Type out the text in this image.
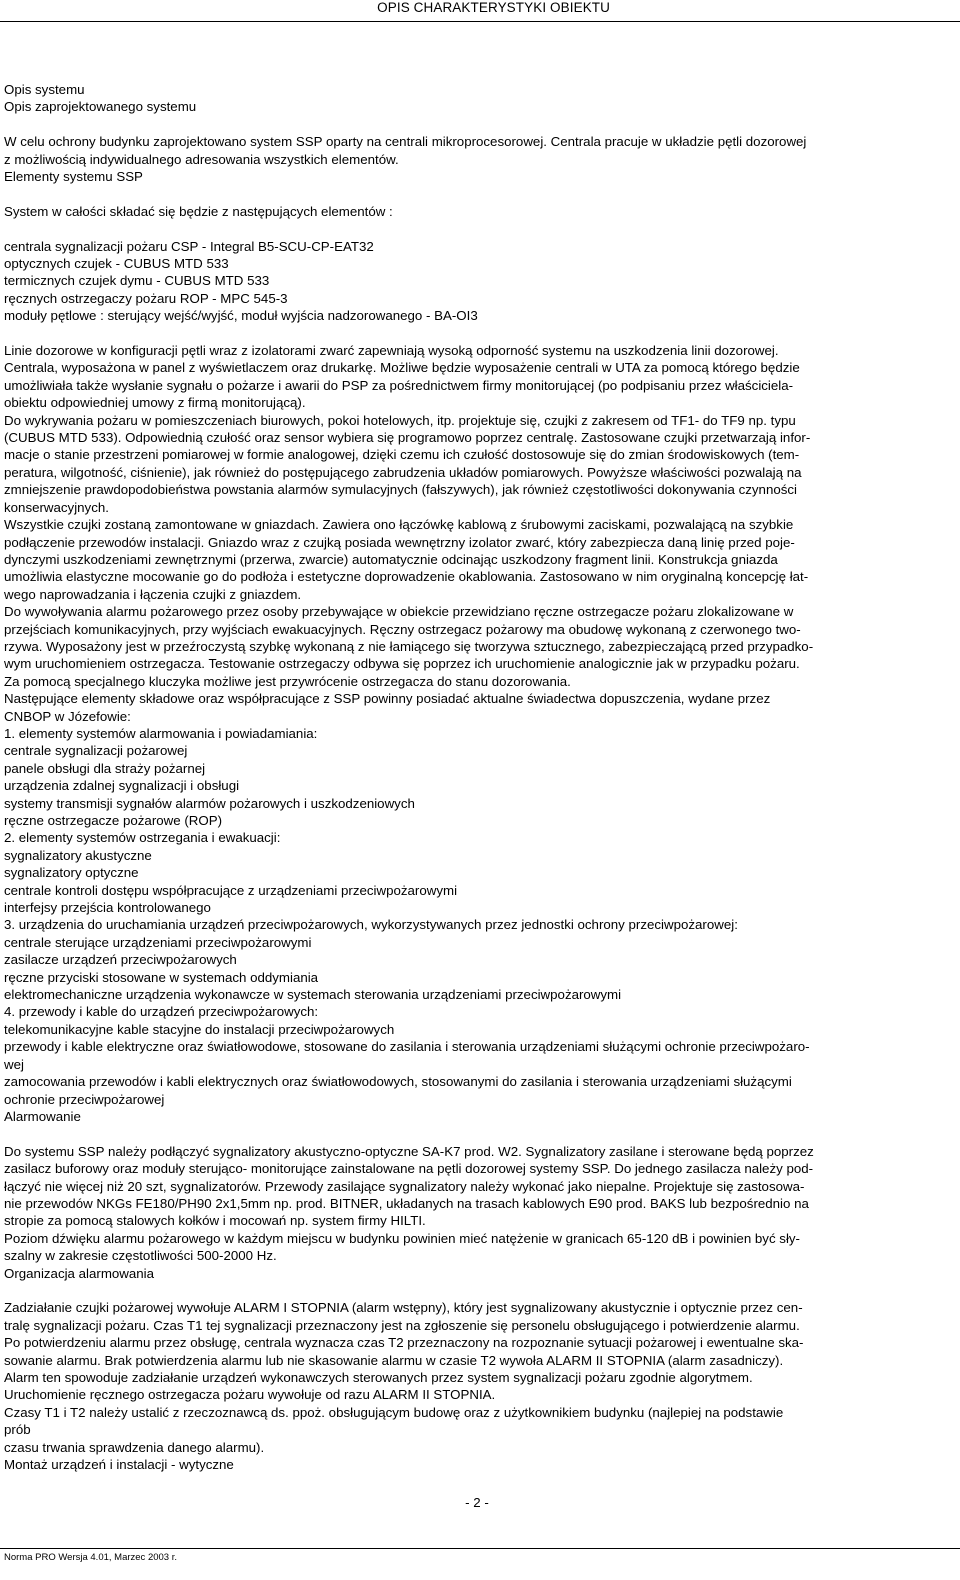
OPIS CHARAKTERYSTYKI OBIEKTU
Opis systemu
Opis zaprojektowanego systemu
W celu ochrony budynku zaprojektowano system SSP oparty na centrali mikroprocesorowej. Centrala pracuje w układzie pętli dozorowej
z możliwością indywidualnego adresowania wszystkich elementów.
Elementy systemu SSP
System w całości składać się będzie z następujących elementów :
centrala sygnalizacji pożaru CSP - Integral B5-SCU-CP-EAT32
optycznych czujek - CUBUS MTD 533
termicznych czujek dymu - CUBUS MTD 533
ręcznych ostrzegaczy pożaru ROP - MPC 545-3
moduły pętlowe : sterujący wejść/wyjść, moduł wyjścia nadzorowanego - BA-OI3
Linie dozorowe w konfiguracji pętli wraz z izolatorami zwarć zapewniają wysoką odporność systemu na uszkodzenia linii dozorowej.
Centrala, wyposażona w panel z wyświetlaczem oraz drukarkę. Możliwe będzie wyposażenie centrali w UTA za pomocą którego będzie
umożliwiała także wysłanie sygnału o pożarze i awarii do PSP za pośrednictwem firmy monitorującej (po podpisaniu przez właściciela-
obiektu odpowiedniej umowy z firmą monitorującą).
Do wykrywania pożaru w pomieszczeniach biurowych, pokoi hotelowych, itp. projektuje się, czujki z zakresem od TF1- do TF9 np. typu
(CUBUS MTD 533). Odpowiednią czułość oraz sensor wybiera się programowo poprzez centralę. Zastosowane czujki przetwarzają infor-
macje o stanie przestrzeni pomiarowej w formie analogowej, dzięki czemu ich czułość dostosowuje się do zmian środowiskowych (tem-
peratura, wilgotność, ciśnienie), jak również do postępującego zabrudzenia układów pomiarowych. Powyższe właściwości pozwalają na
zmniejszenie prawdopodobieństwa powstania alarmów symulacyjnych (fałszywych), jak również częstotliwości dokonywania czynności
konserwacyjnych.
Wszystkie czujki zostaną zamontowane w gniazdach. Zawiera ono łączówkę kablową z śrubowymi zaciskami, pozwalającą na szybkie
podłączenie przewodów instalacji. Gniazdo wraz z czujką posiada wewnętrzny izolator zwarć, który zabezpiecza daną linię przed poje-
dynczymi uszkodzeniami zewnętrznymi (przerwa, zwarcie) automatycznie odcinając uszkodzony fragment linii. Konstrukcja gniazda
umożliwia elastyczne mocowanie go do podłoża i estetyczne doprowadzenie okablowania. Zastosowano w nim oryginalną koncepcję łat-
wego naprowadzania i łączenia czujki z gniazdem.
Do wywoływania alarmu pożarowego przez osoby przebywające w obiekcie przewidziano ręczne ostrzegacze pożaru zlokalizowane w
przejściach komunikacyjnych, przy wyjściach ewakuacyjnych. Ręczny ostrzegacz pożarowy ma obudowę wykonaną z czerwonego two-
rzywa. Wyposażony jest w przeźroczystą szybkę wykonaną z nie łamiącego się tworzywa sztucznego, zabezpieczającą przed przypadko-
wym uruchomieniem ostrzegacza. Testowanie ostrzegaczy odbywa się poprzez ich uruchomienie analogicznie jak w przypadku pożaru.
Za pomocą specjalnego kluczyka możliwe jest przywrócenie ostrzegacza do stanu dozorowania.
Następujące elementy składowe oraz współpracujące z SSP powinny posiadać aktualne świadectwa dopuszczenia, wydane przez
CNBOP w Józefowie:
1. elementy systemów alarmowania i powiadamiania:
centrale sygnalizacji pożarowej
panele obsługi dla straży pożarnej
urządzenia zdalnej sygnalizacji i obsługi
systemy transmisji sygnałów alarmów pożarowych i uszkodzeniowych
ręczne ostrzegacze pożarowe (ROP)
2. elementy systemów ostrzegania i ewakuacji:
sygnalizatory akustyczne
sygnalizatory optyczne
centrale kontroli dostępu współpracujące z urządzeniami przeciwpożarowymi
interfejsy przejścia kontrolowanego
3. urządzenia do uruchamiania urządzeń przeciwpożarowych, wykorzystywanych przez jednostki ochrony przeciwpożarowej:
centrale sterujące urządzeniami przeciwpożarowymi
zasilacze urządzeń przeciwpożarowych
ręczne przyciski stosowane w systemach oddymiania
elektromechaniczne urządzenia wykonawcze w systemach sterowania urządzeniami przeciwpożarowymi
4. przewody i kable do urządzeń przeciwpożarowych:
telekomunikacyjne kable stacyjne do instalacji przeciwpożarowych
przewody i kable elektryczne oraz światłowodowe, stosowane do zasilania i sterowania urządzeniami służącymi ochronie przeciwpożaro-
wej
zamocowania przewodów i kabli elektrycznych oraz światłowodowych, stosowanymi do zasilania i sterowania urządzeniami służącymi
ochronie przeciwpożarowej
Alarmowanie
Do systemu SSP należy podłączyć sygnalizatory akustyczno-optyczne SA-K7 prod. W2. Sygnalizatory zasilane i sterowane będą poprzez
zasilacz buforowy oraz moduły sterująco- monitorujące zainstalowane na pętli dozorowej systemy SSP. Do jednego zasilacza należy pod-
łączyć nie więcej niż 20 szt, sygnalizatorów. Przewody zasilające sygnalizatory należy wykonać jako niepalne. Projektuje się zastosowa-
nie przewodów NKGs FE180/PH90 2x1,5mm np. prod. BITNER, układanych na trasach kablowych E90 prod. BAKS lub bezpośrednio na
stropie za pomocą stalowych kołków i mocowań np. system firmy HILTI.
Poziom dźwięku alarmu pożarowego w każdym miejscu w budynku powinien mieć natężenie w granicach 65-120 dB i powinien być sły-
szalny w zakresie częstotliwości 500-2000 Hz.
Organizacja alarmowania
Zadziałanie czujki pożarowej wywołuje ALARM I STOPNIA (alarm wstępny), który jest sygnalizowany akustycznie i optycznie przez cen-
tralę sygnalizacji pożaru. Czas T1 tej sygnalizacji przeznaczony jest na zgłoszenie się personelu obsługującego i potwierdzenie alarmu.
Po potwierdzeniu alarmu przez obsługę, centrala wyznacza czas T2 przeznaczony na rozpoznanie sytuacji pożarowej i ewentualne ska-
sowanie alarmu. Brak potwierdzenia alarmu lub nie skasowanie alarmu w czasie T2 wywoła ALARM II STOPNIA (alarm zasadniczy).
Alarm ten spowoduje zadziałanie urządzeń wykonawczych sterowanych przez system sygnalizacji pożaru zgodnie algorytmem.
Uruchomienie ręcznego ostrzegacza pożaru wywołuje od razu ALARM II STOPNIA.
Czasy T1 i T2 należy ustalić z rzeczoznawcą ds. ppoż. obsługującym budowę oraz z użytkownikiem budynku (najlepiej na podstawie
prób
czasu trwania sprawdzenia danego alarmu).
Montaż urządzeń i instalacji - wytyczne
- 2 -
Norma PRO Wersja 4.01, Marzec 2003 r.
